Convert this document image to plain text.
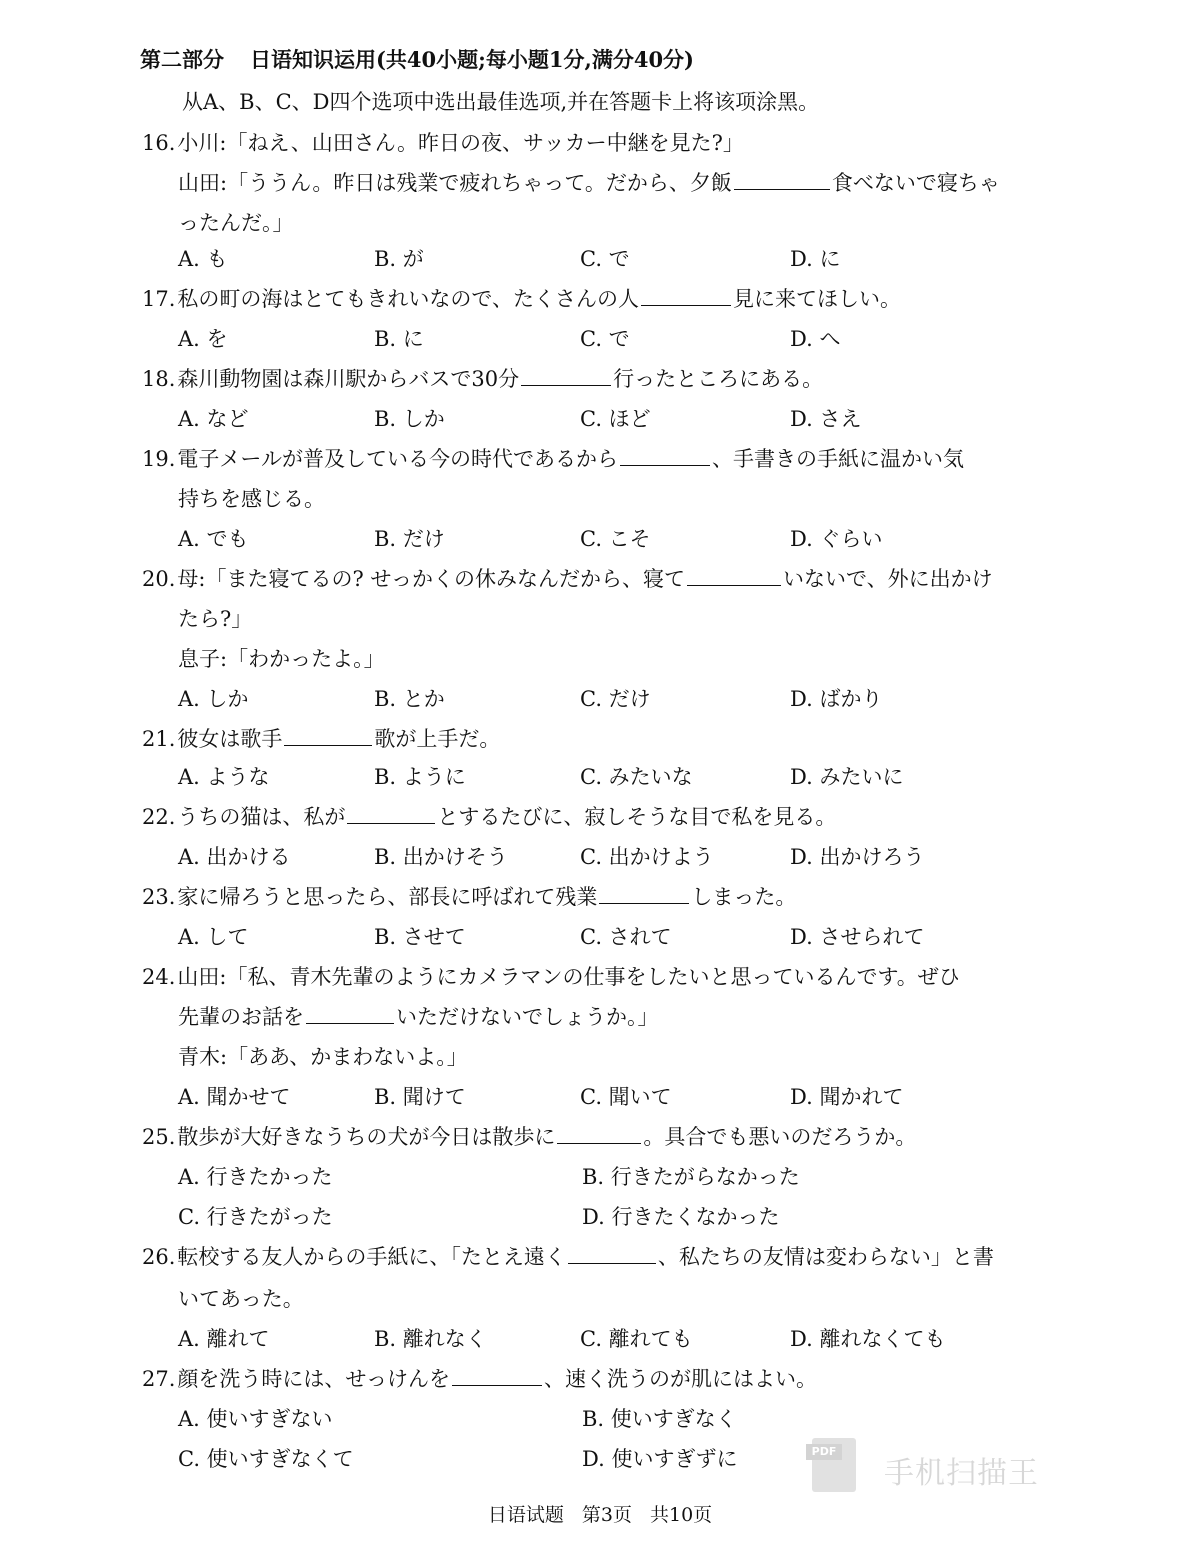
第二部分 日语知识运用(共40小题;每小题1分,满分40分)
从A、B、C、D四个选项中选出最佳选项,并在答题卡上将该项涂黑。
16.小川:「ねえ、山田さん。昨日の夜、サッカー中継を見た?」
山田:「ううん。昨日は残業で疲れちゃって。だから、夕飯	食べないで寝ちゃ
ったんだ。」
A. も	B. が	C. で	D. に
17.私の町の海はとてもきれいなので、たくさんの人	見に来てほしい。
A. を	B. に	C. で	D. へ
18.森川動物園は森川駅からバスで30分	行ったところにある。
A. など	B. しか	C. ほど	D. さえ
19.電子メールが普及している今の時代であるから	、手書きの手紙に温かい気
持ちを感じる。
A. でも	B. だけ	C. こそ	D. ぐらい
20.母:「また寝てるの? せっかくの休みなんだから、寝て	いないで、外に出かけ
たら?」
息子:「わかったよ。」
A. しか	B. とか	C. だけ	D. ばかり
21.彼女は歌手	歌が上手だ。
A. ような	B. ように	C. みたいな	D. みたいに
22.うちの猫は、私が	とするたびに、寂しそうな目で私を見る。
A. 出かける	B. 出かけそう	C. 出かけよう	D. 出かけろう
23.家に帰ろうと思ったら、部長に呼ばれて残業	しまった。
A. して	B. させて	C. されて	D. させられて
24.山田:「私、青木先輩のようにカメラマンの仕事をしたいと思っているんです。ぜひ
先輩のお話を	いただけないでしょうか。」
青木:「ああ、かまわないよ。」
A. 聞かせて	B. 聞けて	C. 聞いて	D. 聞かれて
25.散歩が大好きなうちの犬が今日は散歩に	。具合でも悪いのだろうか。
A. 行きたかった	B. 行きたがらなかった
C. 行きたがった	D. 行きたくなかった
26.転校する友人からの手紙に、「たとえ遠く	、私たちの友情は変わらない」と書
いてあった。
A. 離れて	B. 離れなく	C. 離れても	D. 離れなくても
27.顔を洗う時には、せっけんを	、速く洗うのが肌にはよい。
A. 使いすぎない	B. 使いすぎなく
C. 使いすぎなくて	D. 使いすぎずに
日语试题 第3页 共10页
PDF
手机扫描王
